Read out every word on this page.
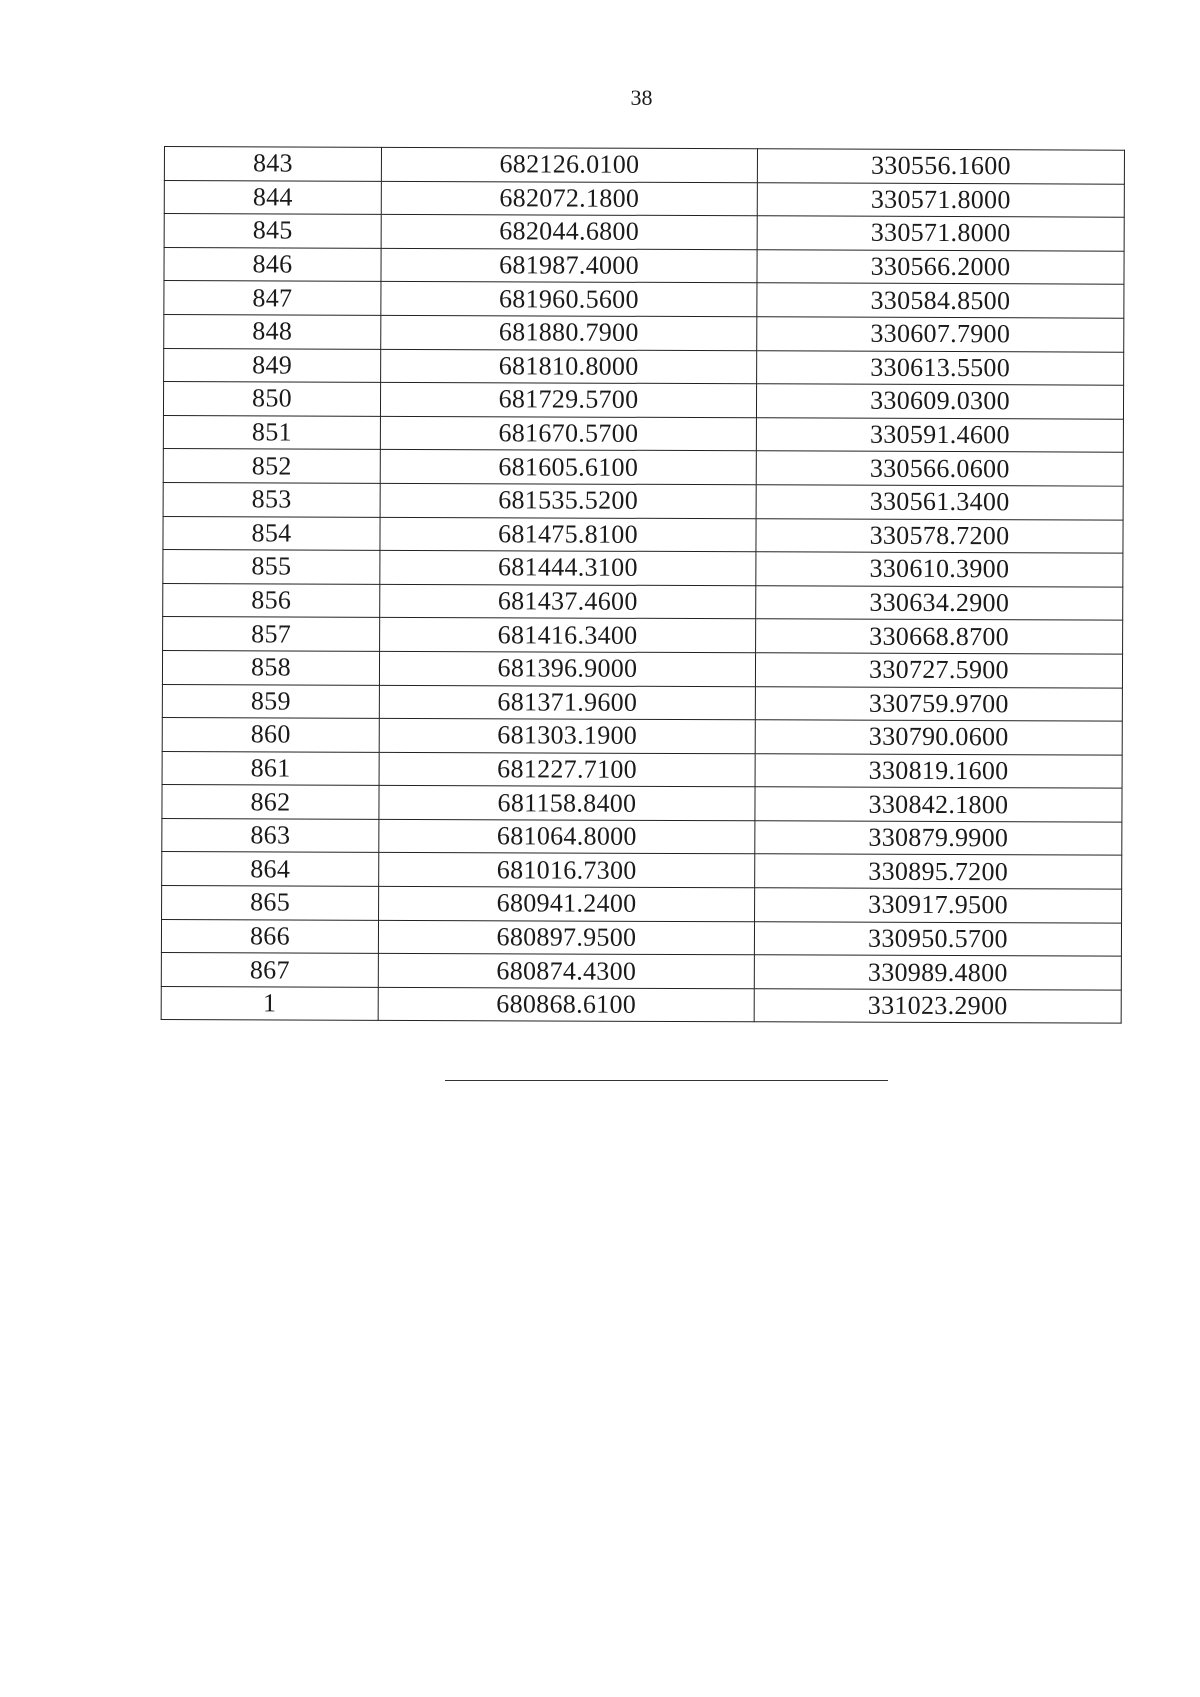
38
843	682126.0100	330556.1600
844	682072.1800	330571.8000
845	682044.6800	330571.8000
846	681987.4000	330566.2000
847	681960.5600	330584.8500
848	681880.7900	330607.7900
849	681810.8000	330613.5500
850	681729.5700	330609.0300
851	681670.5700	330591.4600
852	681605.6100	330566.0600
853	681535.5200	330561.3400
854	681475.8100	330578.7200
855	681444.3100	330610.3900
856	681437.4600	330634.2900
857	681416.3400	330668.8700
858	681396.9000	330727.5900
859	681371.9600	330759.9700
860	681303.1900	330790.0600
861	681227.7100	330819.1600
862	681158.8400	330842.1800
863	681064.8000	330879.9900
864	681016.7300	330895.7200
865	680941.2400	330917.9500
866	680897.9500	330950.5700
867	680874.4300	330989.4800
1	680868.6100	331023.2900
